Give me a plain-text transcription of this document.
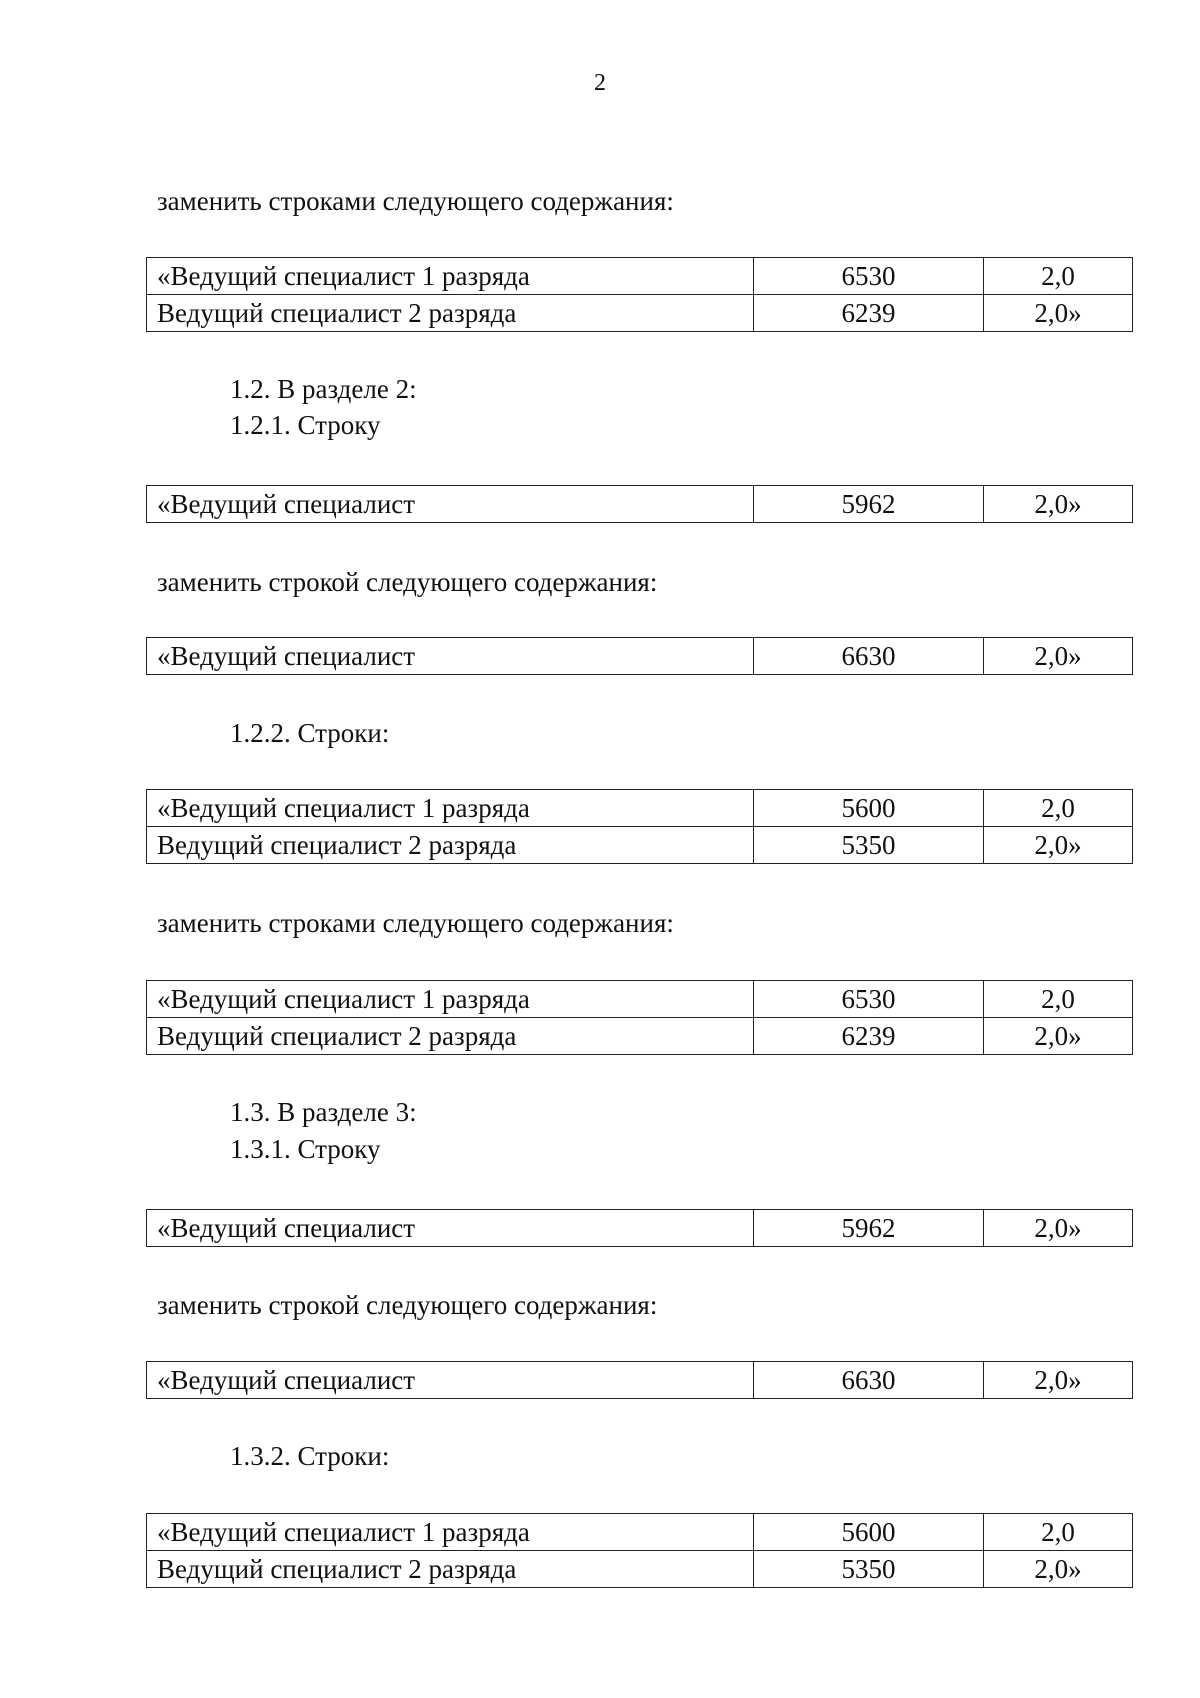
2
заменить строками следующего содержания:
«Ведущий специалист 1 разряда	6530	2,0
Ведущий специалист 2 разряда	6239	2,0»
1.2. В разделе 2:
1.2.1. Строку
«Ведущий специалист	5962	2,0»
заменить строкой следующего содержания:
«Ведущий специалист	6630	2,0»
1.2.2. Строки:
«Ведущий специалист 1 разряда	5600	2,0
Ведущий специалист 2 разряда	5350	2,0»
заменить строками следующего содержания:
«Ведущий специалист 1 разряда	6530	2,0
Ведущий специалист 2 разряда	6239	2,0»
1.3. В разделе 3:
1.3.1. Строку
«Ведущий специалист	5962	2,0»
заменить строкой следующего содержания:
«Ведущий специалист	6630	2,0»
1.3.2. Строки:
«Ведущий специалист 1 разряда	5600	2,0
Ведущий специалист 2 разряда	5350	2,0»
